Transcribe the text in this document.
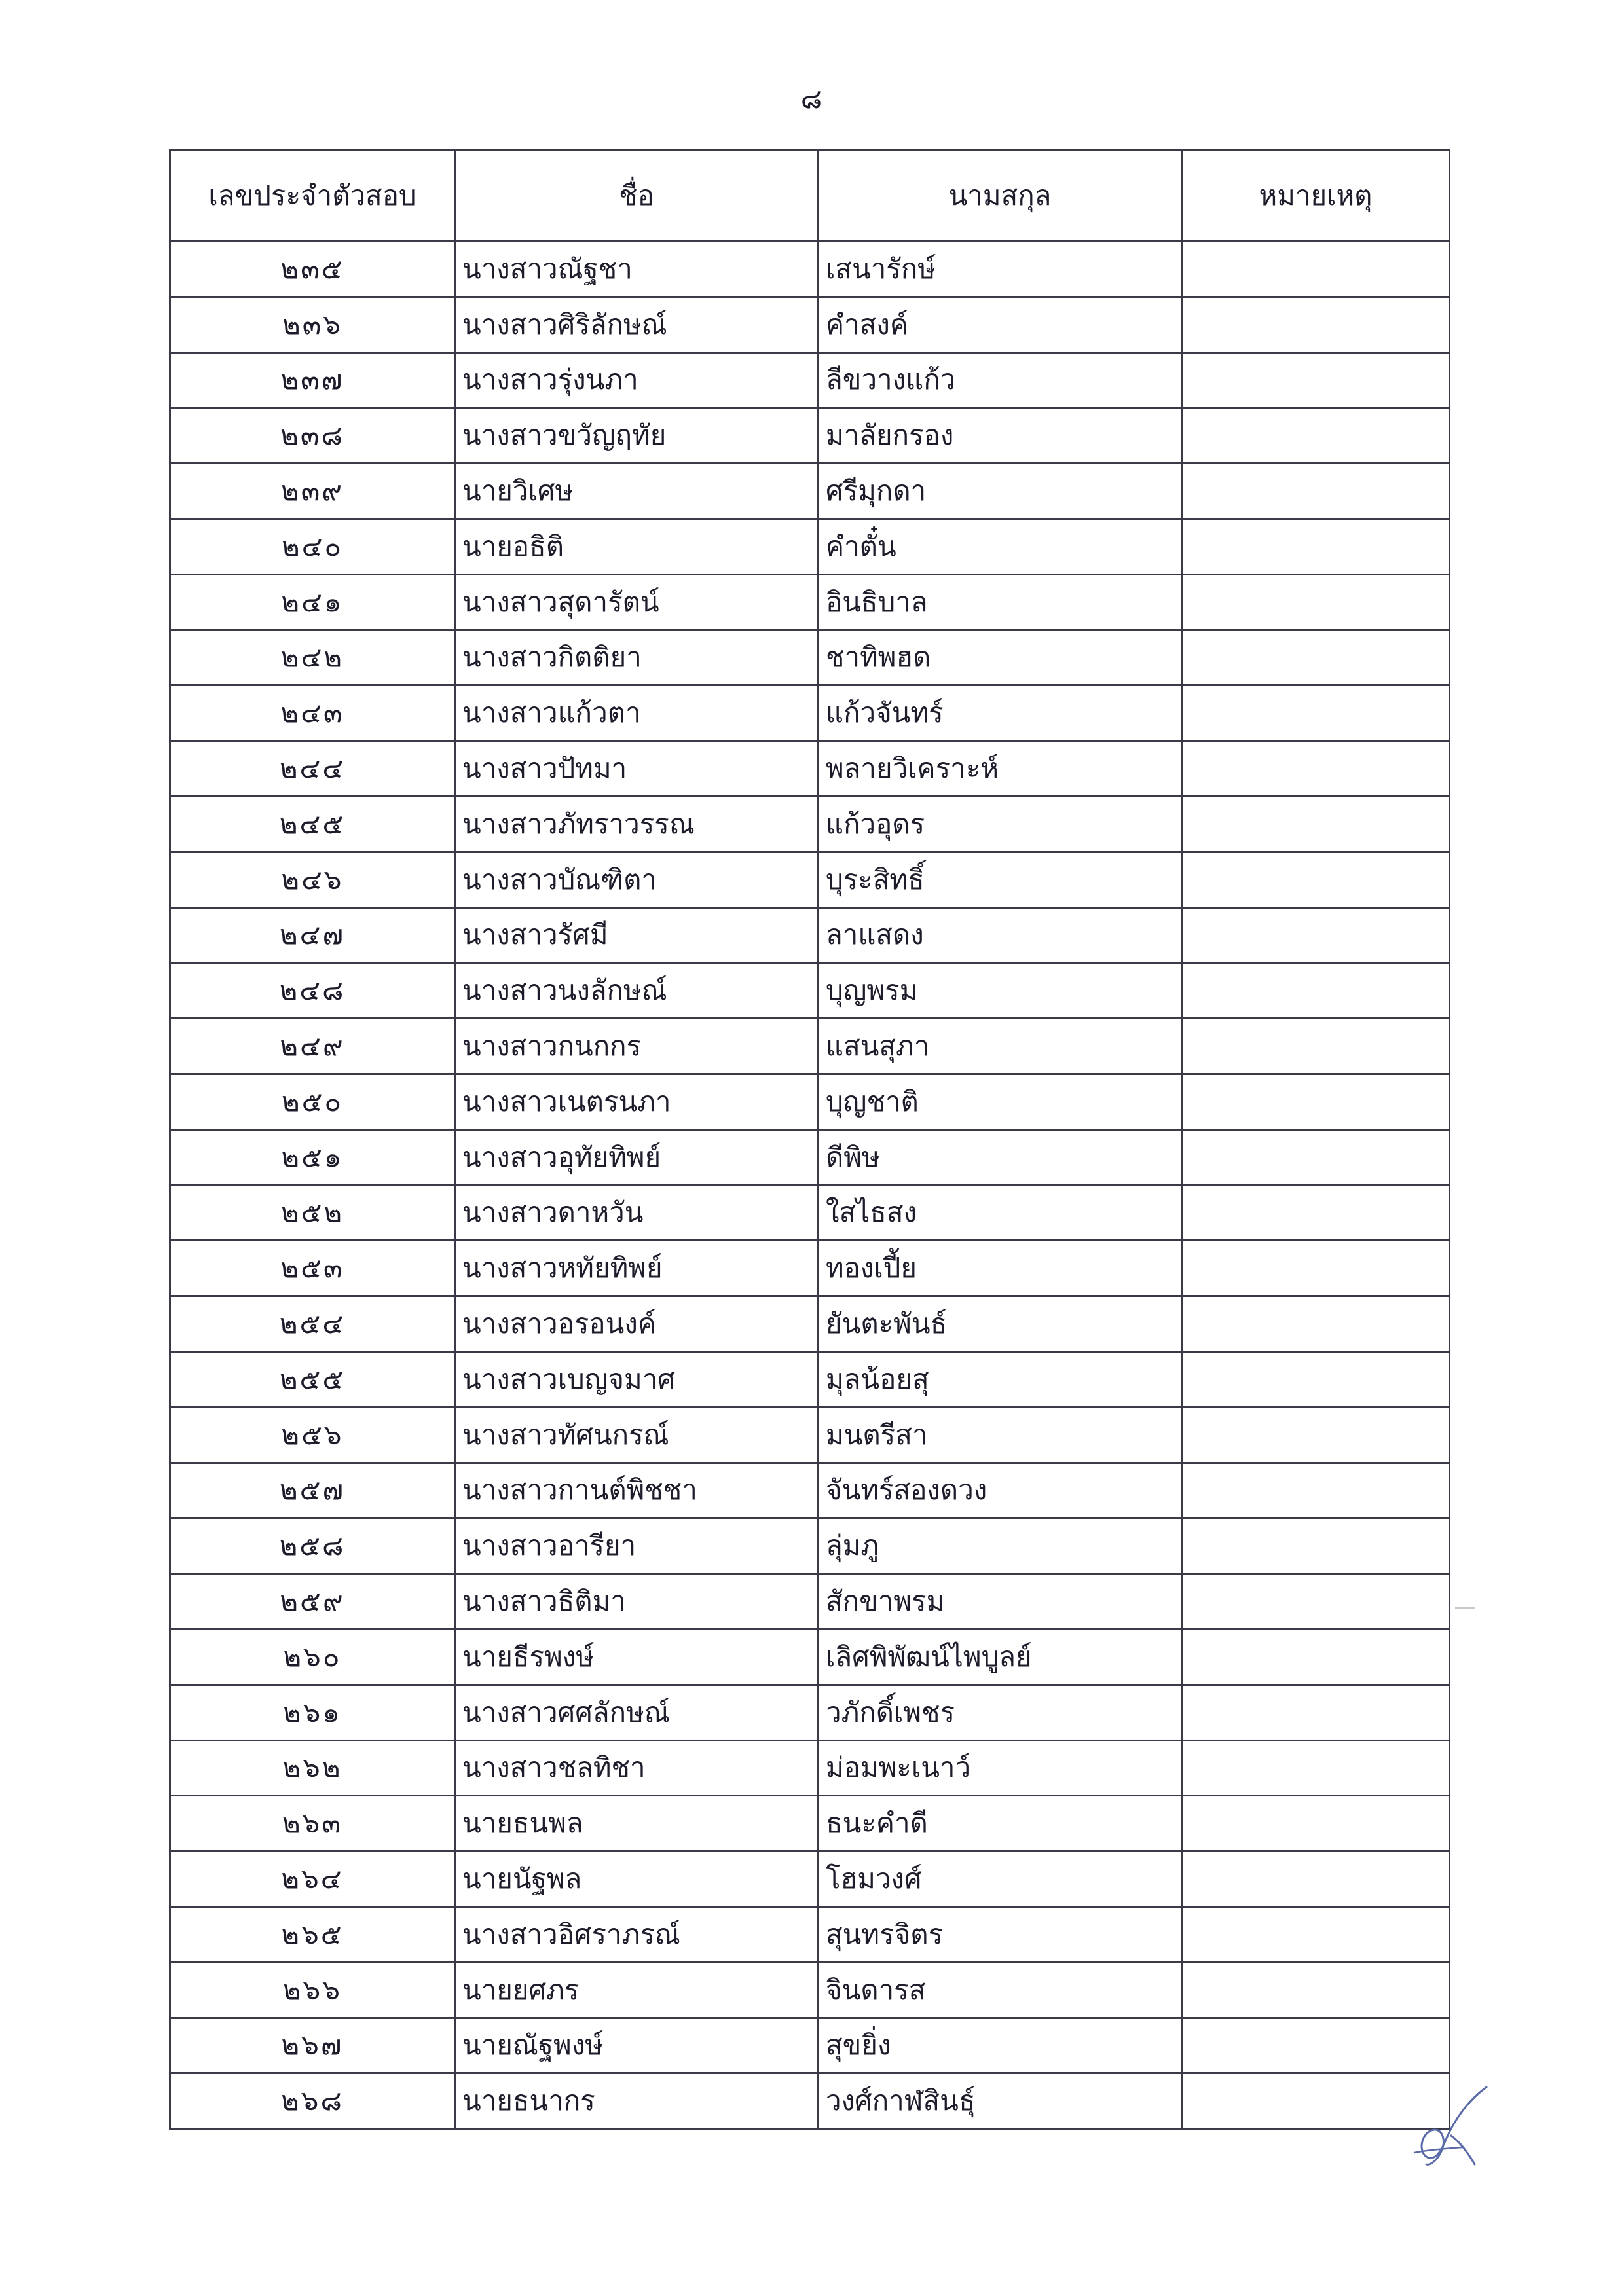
๘
เลขประจำตัวสอบ	ชื่อ	นามสกุล	หมายเหตุ
๒๓๕	นางสาวณัฐชา	เสนารักษ์	
๒๓๖	นางสาวศิริลักษณ์	คำสงค์	
๒๓๗	นางสาวรุ่งนภา	ลีขวางแก้ว	
๒๓๘	นางสาวขวัญฤทัย	มาลัยกรอง	
๒๓๙	นายวิเศษ	ศรีมุกดา	
๒๔๐	นายอธิติ	คำตั๋น	
๒๔๑	นางสาวสุดารัตน์	อินธิบาล	
๒๔๒	นางสาวกิตติยา	ชาทิพฮด	
๒๔๓	นางสาวแก้วตา	แก้วจันทร์	
๒๔๔	นางสาวปัทมา	พลายวิเคราะห์	
๒๔๕	นางสาวภัทราวรรณ	แก้วอุดร	
๒๔๖	นางสาวบัณฑิตา	บุระสิทธิ์	
๒๔๗	นางสาวรัศมี	ลาแสดง	
๒๔๘	นางสาวนงลักษณ์	บุญพรม	
๒๔๙	นางสาวกนกกร	แสนสุภา	
๒๕๐	นางสาวเนตรนภา	บุญชาติ	
๒๕๑	นางสาวอุทัยทิพย์	ดีพิษ	
๒๕๒	นางสาวดาหวัน	ใสไธสง	
๒๕๓	นางสาวหทัยทิพย์	ทองเปี้ย	
๒๕๔	นางสาวอรอนงค์	ยันตะพันธ์	
๒๕๕	นางสาวเบญจมาศ	มุลน้อยสุ	
๒๕๖	นางสาวทัศนกรณ์	มนตรีสา	
๒๕๗	นางสาวกานต์พิชชา	จันทร์สองดวง	
๒๕๘	นางสาวอารียา	ลุ่มภู	
๒๕๙	นางสาวธิติมา	สักขาพรม	
๒๖๐	นายธีรพงษ์	เลิศพิพัฒน์ไพบูลย์	
๒๖๑	นางสาวศศลักษณ์	วภักดิ์เพชร	
๒๖๒	นางสาวชลทิชา	ม่อมพะเนาว์	
๒๖๓	นายธนพล	ธนะคำดี	
๒๖๔	นายนัฐพล	โฮมวงศ์	
๒๖๕	นางสาวอิศราภรณ์	สุนทรจิตร	
๒๖๖	นายยศภร	จินดารส	
๒๖๗	นายณัฐพงษ์	สุขยิ่ง	
๒๖๘	นายธนากร	วงศ์กาฬสินธุ์	
